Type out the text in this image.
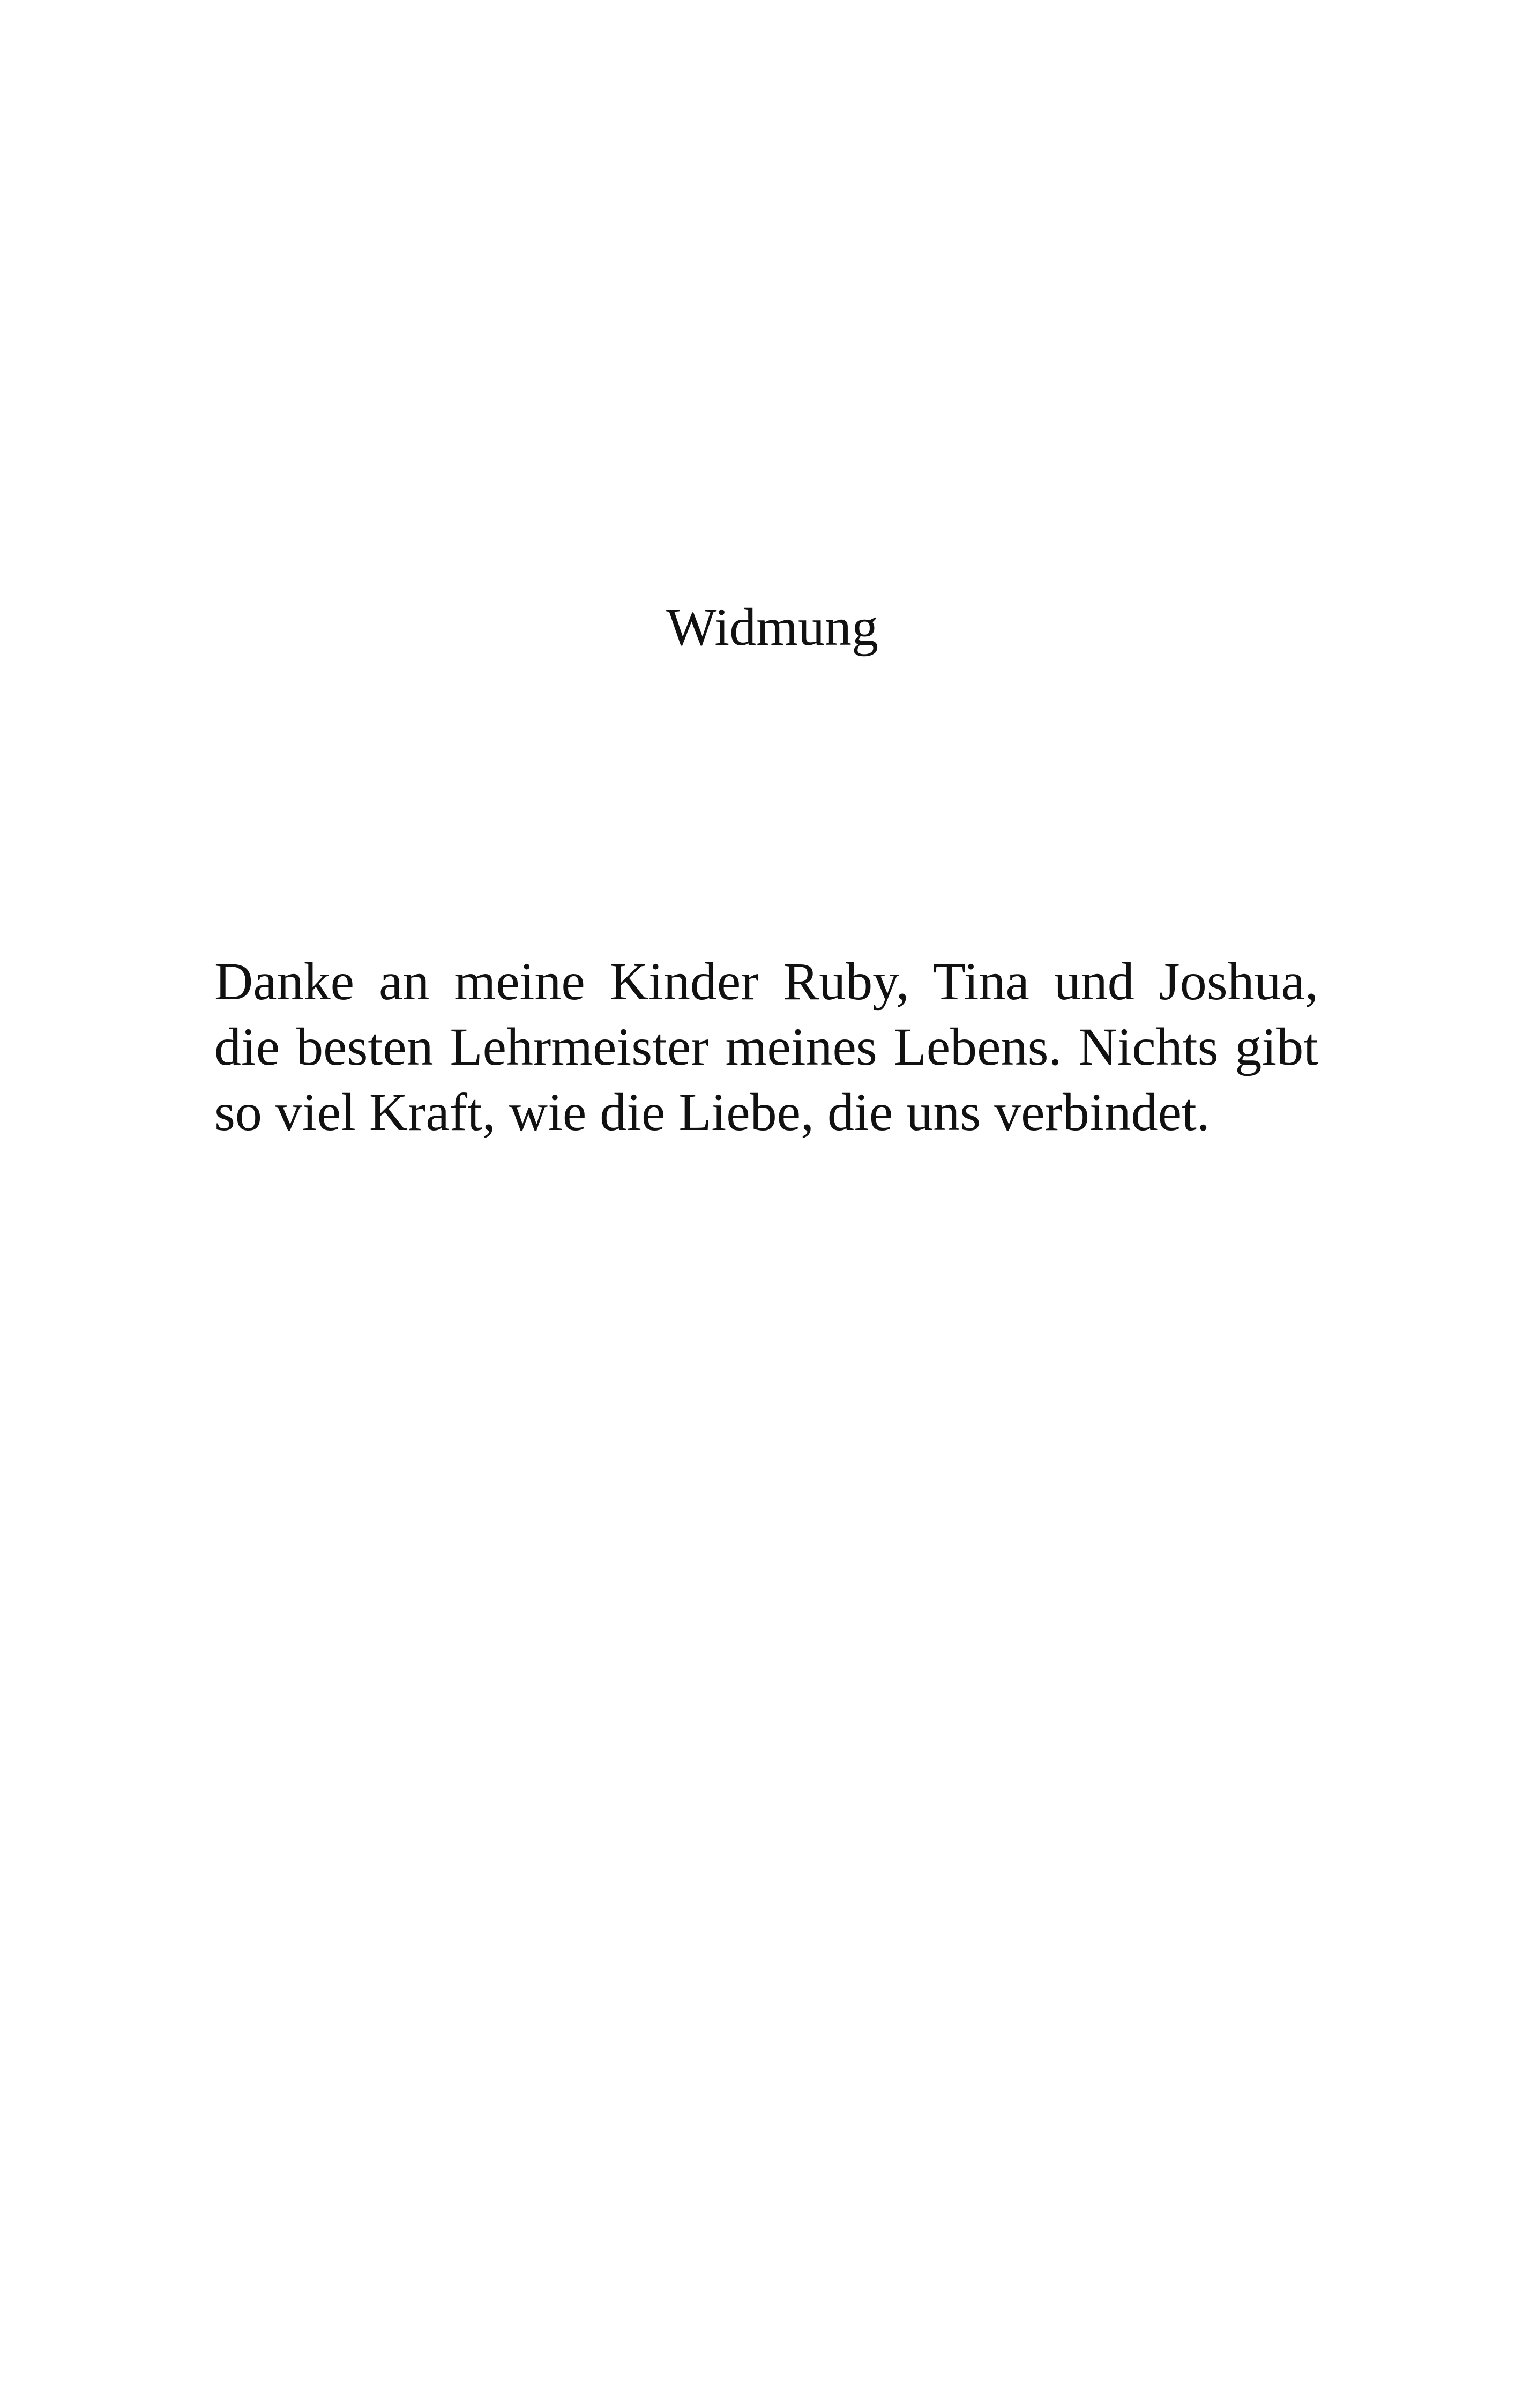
Widmung
Danke an meine Kinder Ruby, Tina und Joshua,
die besten Lehrmeister meines Lebens. Nichts gibt
so viel Kraft, wie die Liebe, die uns verbindet.
